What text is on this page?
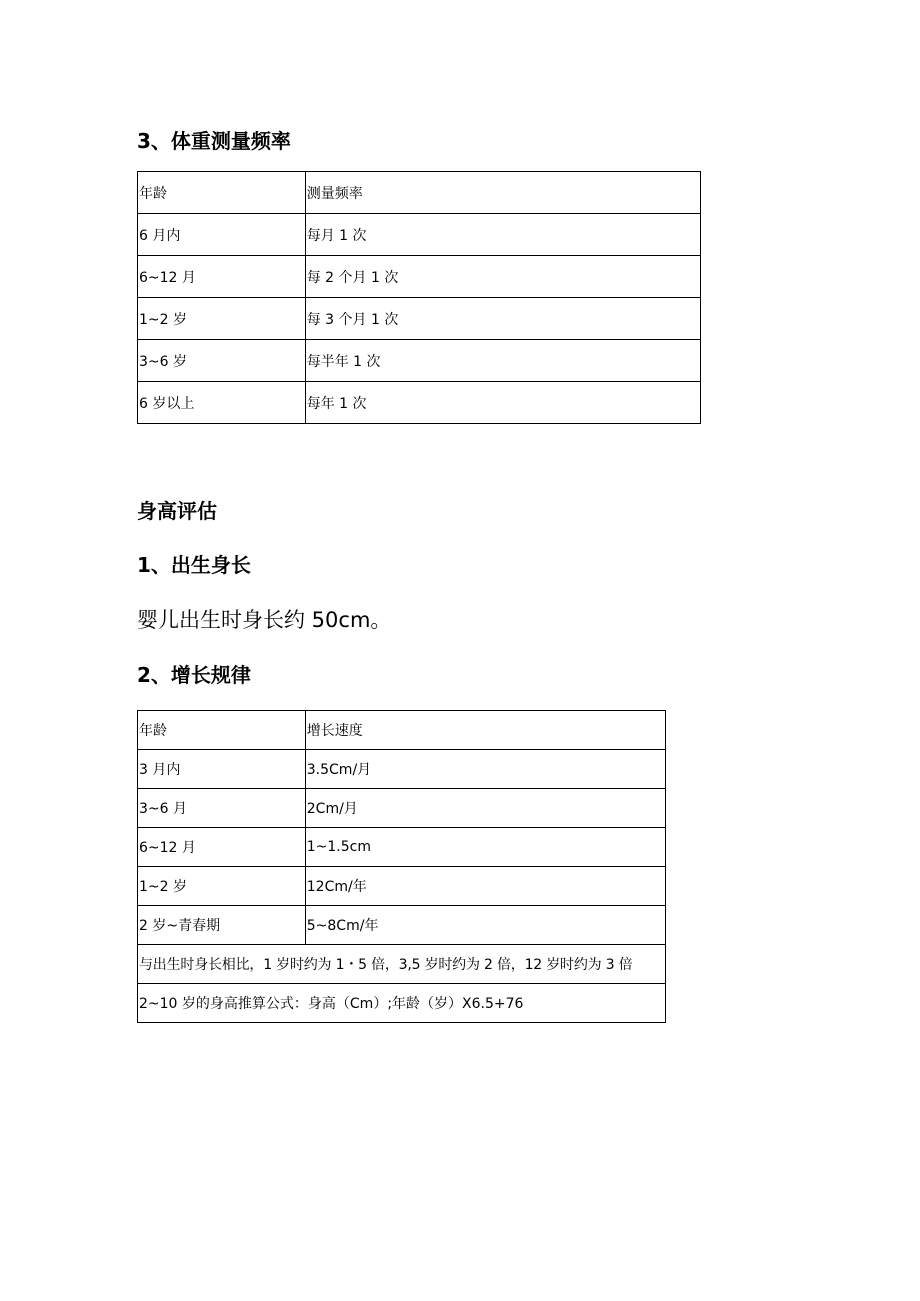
3、体重测量频率
年龄	测量频率
6 月内	每月 1 次
6~12 月	每 2 个月 1 次
1~2 岁	每 3 个月 1 次
3~6 岁	每半年 1 次
6 岁以上	每年 1 次
身高评估
1、出生身长

婴儿出生时身长约 50cm。

2、增长规律
年龄	增长速度
3 月内	3.5Cm/月
3~6 月	2Cm/月
6~12 月	1~1.5cm
1~2 岁	12Cm/年
2 岁~青春期	5~8Cm/年
与出生时身长相比，1 岁时约为 1・5 倍，3,5 岁时约为 2 倍，12 岁时约为 3 倍	
2~10 岁的身高推算公式：身高（Cm）;年龄（岁）X6.5+76	
